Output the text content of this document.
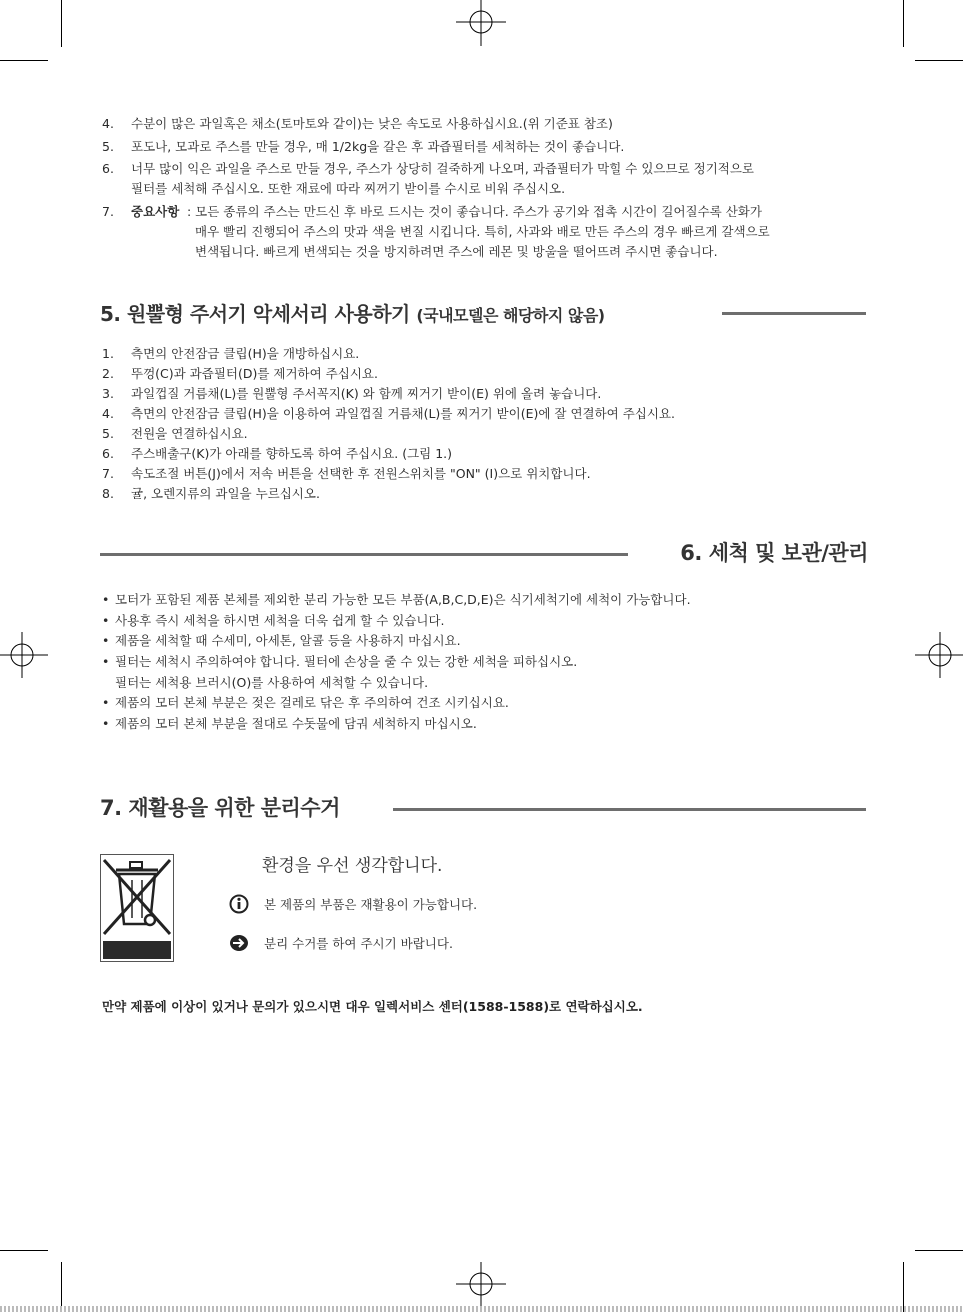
4. 수분이 많은 과일혹은 채소(토마토와 같이)는 낮은 속도로 사용하십시요.(위 기준표 참조)
5. 포도나, 모과로 주스를 만들 경우, 매 1/2kg을 갈은 후 과즙필터를 세척하는 것이 좋습니다.
6. 너무 많이 익은 과일을 주스로 만들 경우, 주스가 상당히 걸죽하게 나오며, 과즙필터가 막힐 수 있으므로 정기적으로
필터를 세척해 주십시오. 또한 재료에 따라 찌꺼기 받이를 수시로 비워 주십시오.
7. 중요사항 : 모든 종류의 주스는 만드신 후 바로 드시는 것이 좋습니다. 주스가 공기와 접촉 시간이 길어질수록 산화가
매우 빨리 진행되어 주스의 맛과 색을 변질 시킵니다. 특히, 사과와 배로 만든 주스의 경우 빠르게 갈색으로
변색됩니다. 빠르게 변색되는 것을 방지하려면 주스에 레몬 및 방울을 떨어뜨려 주시면 좋습니다.
5. 원뿔형 주서기 악세서리 사용하기 (국내모델은 해당하지 않음)
1. 측면의 안전잠금 클립(H)을 개방하십시요.
2. 뚜껑(C)과 과즙필터(D)를 제거하여 주십시요.
3. 과일껍질 거름채(L)를 원뿔형 주서꼭지(K) 와 함께 찌거기 받이(E) 위에 올려 놓습니다.
4. 측면의 안전잠금 클립(H)을 이용하여 과일껍질 거름채(L)를 찌거기 받이(E)에 잘 연결하여 주십시요.
5. 전원을 연결하십시요.
6. 주스배출구(K)가 아래를 향하도록 하여 주십시요. (그림 1.)
7. 속도조절 버튼(J)에서 저속 버튼을 선택한 후 전원스위치를 "ON" (I)으로 위치합니다.
8. 귤, 오렌지류의 과일을 누르십시오.
6. 세척 및 보관/관리
• 모터가 포함된 제품 본체를 제외한 분리 가능한 모든 부품(A,B,C,D,E)은 식기세척기에 세척이 가능합니다.
• 사용후 즉시 세척을 하시면 세척을 더욱 쉽게 할 수 있습니다.
• 제품을 세척할 때 수세미, 아세톤, 알콜 등을 사용하지 마십시요.
• 필터는 세척시 주의하여야 합니다. 필터에 손상을 줄 수 있는 강한 세척을 피하십시오.
필터는 세척용 브러시(O)를 사용하여 세척할 수 있습니다.
• 제품의 모터 본체 부분은 젖은 걸레로 닦은 후 주의하여 건조 시키십시요.
• 제품의 모터 본체 부분을 절대로 수돗물에 담궈 세척하지 마십시오.
7. 재활용을 위한 분리수거
환경을 우선 생각합니다.
본 제품의 부품은 재활용이 가능합니다.
분리 수거를 하여 주시기 바랍니다.
만약 제품에 이상이 있거나 문의가 있으시면 대우 일렉서비스 센터(1588-1588)로 연락하십시오.
